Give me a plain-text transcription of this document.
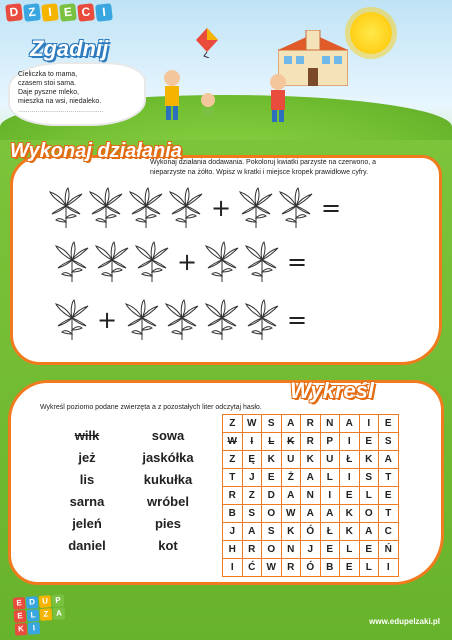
D Z I E C I

Cieliczka to mama,

czasem stoi sama.

Daje pyszne mleko,

mieszka na wsi, niedaleko.

............................................

Zgadnij
Wykonaj działania
Wykonaj działania dodawania. Pokoloruj kwiatki parzyste na czerwono, a nieparzyste na żółto. Wpisz w kratki i miejsce kropek prawidłowe cyfry.
+	=
+	=
+	=
Wykreśl
Wykreśl poziomo podane zwierzęta a z pozostałych liter odczytaj hasło.
wilk	sowa
jeż	jaskółka
lis	kukułka
sarna	wróbel
jeleń	pies
daniel	kot
Z	W	S	A	R	N	A	I	E
W	I	L	K	R	P	I	E	S
Z	Ę	K	U	K	U	Ł	K	A
T	J	E	Ż	A	L	I	S	T
R	Z	D	A	N	I	E	L	E
B	S	O	W	A	A	K	O	T
J	A	S	K	Ó	Ł	K	A	C
H	R	O	N	J	E	L	E	Ń
I	Ć	W	R	Ó	B	E	L	I
E D U P
E L Z A
K	I
www.edupelzaki.pl
